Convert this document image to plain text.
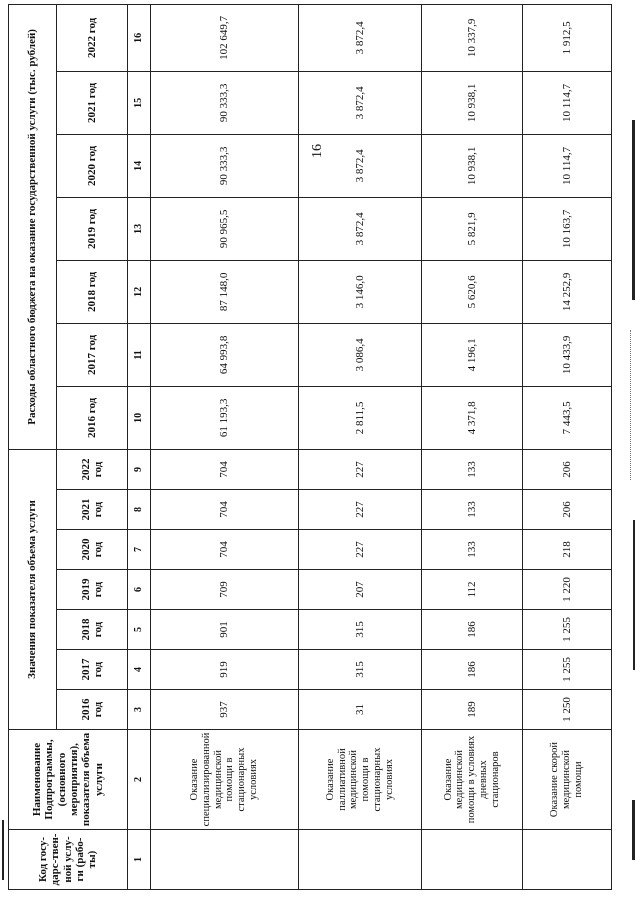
16
Код госу-дарс-твен-ной услу-ги (рабо-ты)	Наименование Подпрограммы, (основного мероприятия), показателя объема услуги	Значения показателя объема услуги							Расходы областного бюджета на оказание государственной услуги (тыс. рублей)						
		2016 год	2017 год	2018 год	2019 год	2020 год	2021 год	2022 год	2016 год	2017 год	2018 год	2019 год	2020 год	2021 год	2022 год
1	2	3	4	5	6	7	8	9	10	11	12	13	14	15	16
	Оказание специализированной медицинской помощи в стационарных условиях	937	919	901	709	704	704	704	61 193,3	64 993,8	87 148,0	90 965,5	90 333,3	90 333,3	102 649,7
	Оказание паллиативной медицинской помощи в стационарных условиях	31	315	315	207	227	227	227	2 811,5	3 086,4	3 146,0	3 872,4	3 872,4	3 872,4	3 872,4
	Оказание медицинской помощи в условиях дневных стационаров	189	186	186	112	133	133	133	4 371,8	4 196,1	5 620,6	5 821,9	10 938,1	10 938,1	10 337,9
	Оказание скорой медицинской помощи	1 250	1 255	1 255	1 220	218	206	206	7 443,5	10 433,9	14 252,9	10 163,7	10 114,7	10 114,7	1 912,5
